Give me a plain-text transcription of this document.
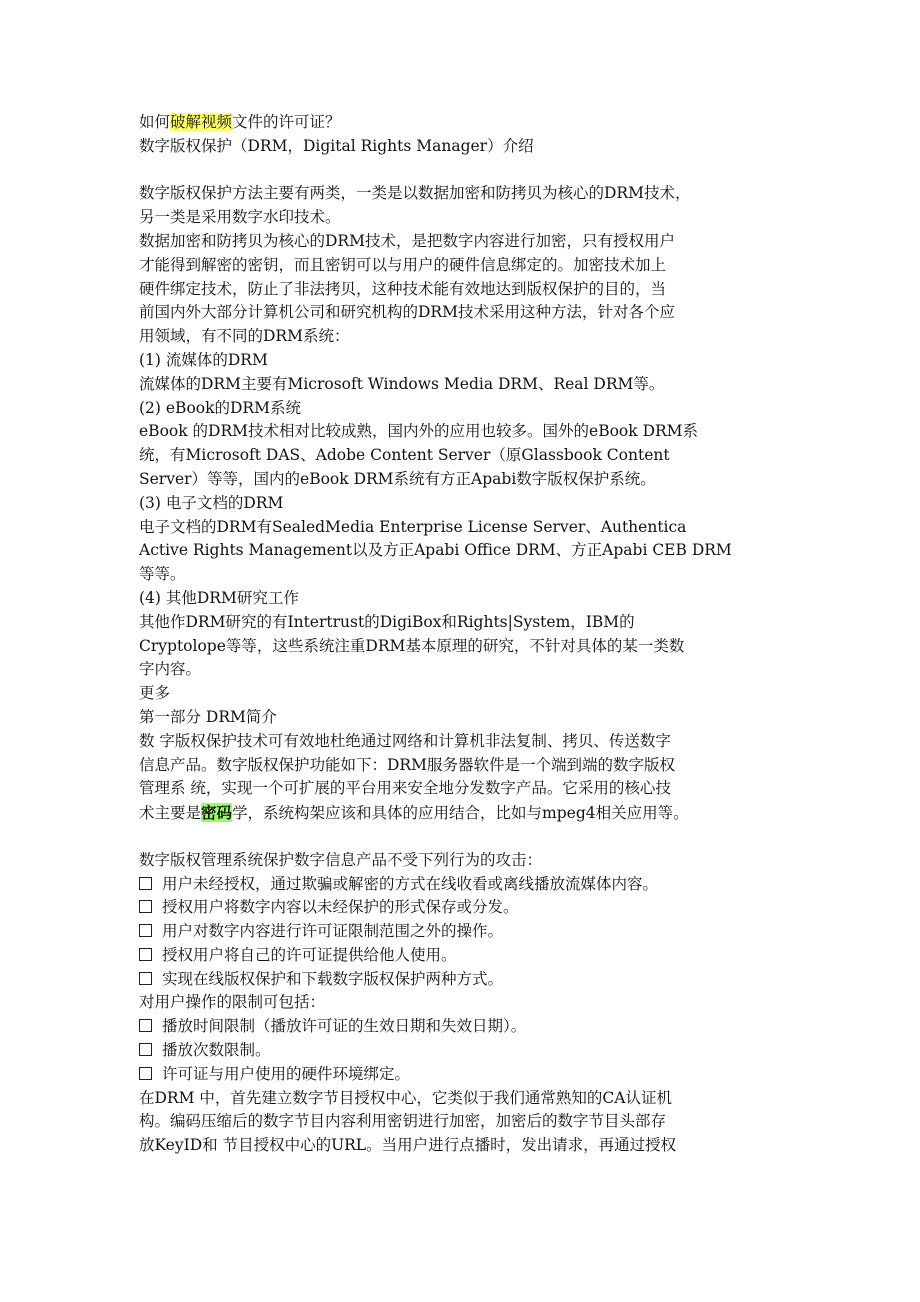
如何破解视频文件的许可证？
数字版权保护（DRM，Digital Rights Manager）介绍
数字版权保护方法主要有两类，一类是以数据加密和防拷贝为核心的DRM技术，
另一类是采用数字水印技术。
数据加密和防拷贝为核心的DRM技术，是把数字内容进行加密，只有授权用户
才能得到解密的密钥，而且密钥可以与用户的硬件信息绑定的。加密技术加上
硬件绑定技术，防止了非法拷贝，这种技术能有效地达到版权保护的目的，当
前国内外大部分计算机公司和研究机构的DRM技术采用这种方法，针对各个应
用领域，有不同的DRM系统：
(1) 流媒体的DRM
流媒体的DRM主要有Microsoft Windows Media DRM、Real DRM等。
(2) eBook的DRM系统
eBook 的DRM技术相对比较成熟，国内外的应用也较多。国外的eBook DRM系
统，有Microsoft DAS、Adobe Content Server（原Glassbook Content
Server）等等，国内的eBook DRM系统有方正Apabi数字版权保护系统。
(3) 电子文档的DRM
电子文档的DRM有SealedMedia Enterprise License Server、Authentica
Active Rights Management以及方正Apabi Office DRM、方正Apabi CEB DRM
等等。
(4) 其他DRM研究工作
其他作DRM研究的有Intertrust的DigiBox和Rights|System，IBM的
Cryptolope等等，这些系统注重DRM基本原理的研究，不针对具体的某一类数
字内容。
更多
第一部分 DRM简介
数 字版权保护技术可有效地杜绝通过网络和计算机非法复制、拷贝、传送数字
信息产品。数字版权保护功能如下：DRM服务器软件是一个端到端的数字版权
管理系 统，实现一个可扩展的平台用来安全地分发数字产品。它采用的核心技
术主要是密码学，系统构架应该和具体的应用结合，比如与mpeg4相关应用等。
数字版权管理系统保护数字信息产品不受下列行为的攻击：
用户未经授权，通过欺骗或解密的方式在线收看或离线播放流媒体内容。
授权用户将数字内容以未经保护的形式保存或分发。
用户对数字内容进行许可证限制范围之外的操作。
授权用户将自己的许可证提供给他人使用。
实现在线版权保护和下载数字版权保护两种方式。
对用户操作的限制可包括：
播放时间限制（播放许可证的生效日期和失效日期）。
播放次数限制。
许可证与用户使用的硬件环境绑定。
在DRM 中，首先建立数字节目授权中心，它类似于我们通常熟知的CA认证机
构。编码压缩后的数字节目内容利用密钥进行加密，加密后的数字节目头部存
放KeyID和 节目授权中心的URL。当用户进行点播时，发出请求，再通过授权
